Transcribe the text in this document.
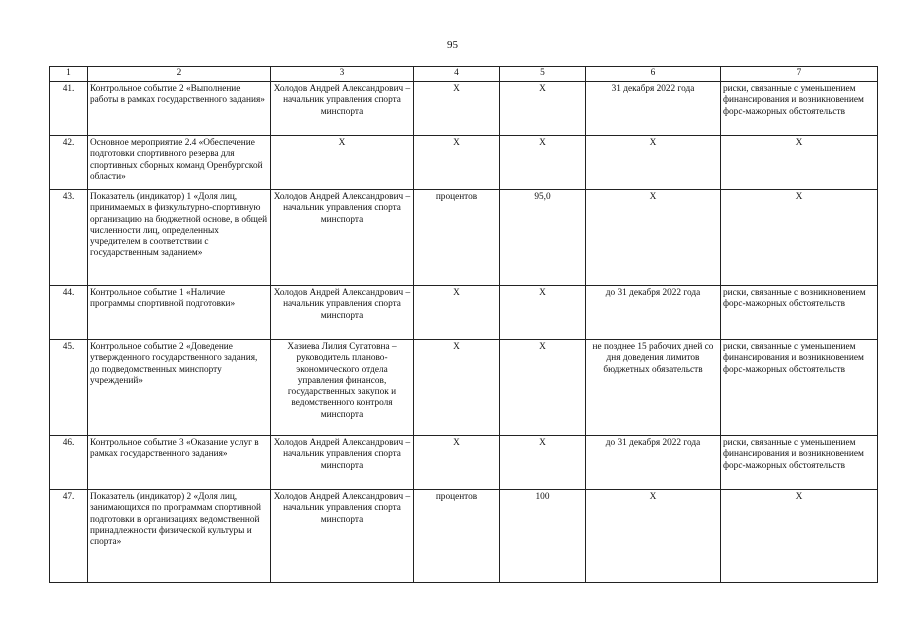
95
1	2	3	4	5	6	7
41.	Контрольное событие 2 «Выполнение работы в рамках государственного задания»	Холодов Андрей Александрович – начальник управления спорта минспорта	X	X	31 декабря 2022 года	риски, связанные с уменьшением финансирования и возникновением форс-мажорных обстоятельств
42.	Основное мероприятие 2.4 «Обеспечение подготовки спортивного резерва для спортивных сборных команд Оренбургской области»	X	X	X	X	X
43.	Показатель (индикатор) 1 «Доля лиц, принимаемых в физкультурно-спортивную организацию на бюджетной основе, в общей численности лиц, определенных учредителем в соответствии с государственным заданием»	Холодов Андрей Александрович – начальник управления спорта минспорта	процентов	95,0	X	X
44.	Контрольное событие 1 «Наличие программы спортивной подготовки»	Холодов Андрей Александрович – начальник управления спорта минспорта	X	X	до 31 декабря 2022 года	риски, связанные с возникновением форс-мажорных обстоятельств
45.	Контрольное событие 2 «Доведение утвержденного государственного задания, до подведомственных минспорту учреждений»	Хазиева Лилия Сугатовна – руководитель планово-экономического отдела управления финансов, государственных закупок и ведомственного контроля минспорта	X	X	не позднее 15 рабочих дней со дня доведения лимитов бюджетных обязательств	риски, связанные с уменьшением финансирования и возникновением форс-мажорных обстоятельств
46.	Контрольное событие 3 «Оказание услуг в рамках государственного задания»	Холодов Андрей Александрович – начальник управления спорта минспорта	X	X	до 31 декабря 2022 года	риски, связанные с уменьшением финансирования и возникновением форс-мажорных обстоятельств
47.	Показатель (индикатор) 2 «Доля лиц, занимающихся по программам спортивной подготовки в организациях ведомственной принадлежности физической культуры и спорта»	Холодов Андрей Александрович – начальник управления спорта минспорта	процентов	100	X	X
